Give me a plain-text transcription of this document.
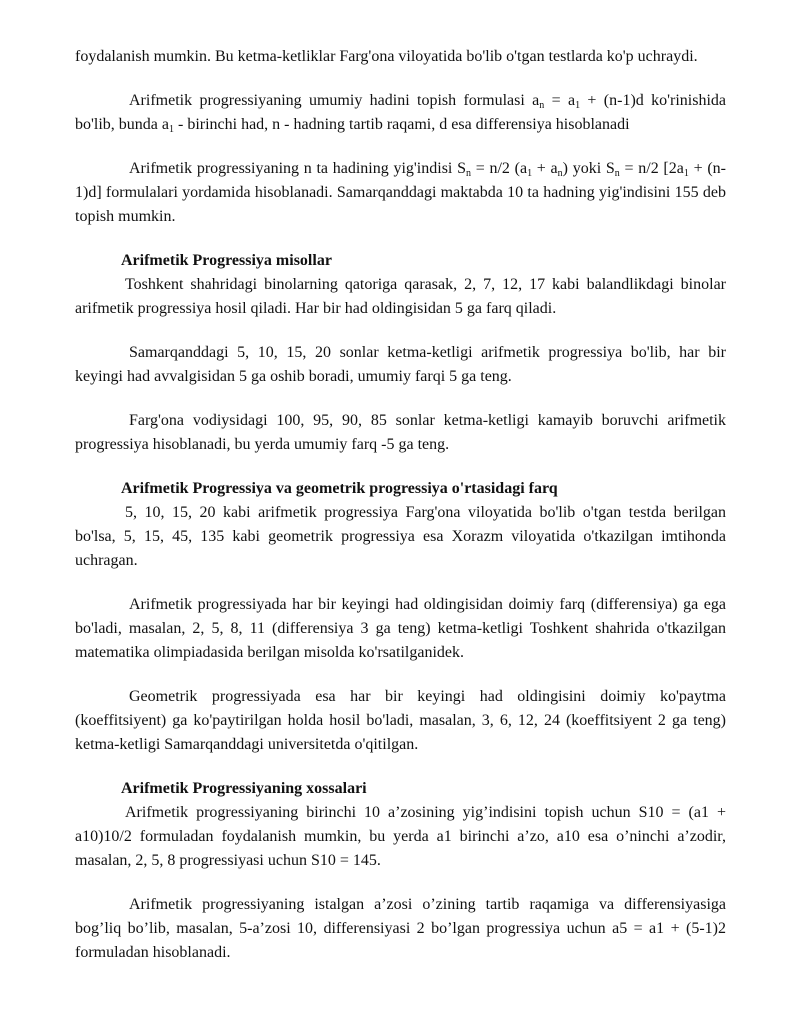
foydalanish mumkin. Bu ketma-ketliklar Farg'ona viloyatida bo'lib o'tgan testlarda ko'p uchraydi.

Arifmetik progressiyaning umumiy hadini topish formulasi $a_n = a_1 + (n-1)d$ ko'rinishida bo'lib, bunda $a_1$ - birinchi had, n - hadning tartib raqami, d esa differensiya hisoblanadi

Arifmetik progressiyaning n ta hadining yig'indisi $S_n = n/2$ $(a_1 + a_n)$ yoki $S_n = n/2$ $[2a_1 + (n-1)d]$ formulalari yordamida hisoblanadi. Samarqanddagi maktabda 10 ta hadning yig'indisini 155 deb topish mumkin.

Arifmetik Progressiya misollar

Toshkent shahridagi binolarning qatoriga qarasak, 2, 7, 12, 17 kabi balandlikdagi binolar arifmetik progressiya hosil qiladi. Har bir had oldingisidan 5 ga farq qiladi.

Samarqanddagi 5, 10, 15, 20 sonlar ketma-ketligi arifmetik progressiya bo'lib, har bir keyingi had avvalgisidan 5 ga oshib boradi, umumiy farqi 5 ga teng.

Farg'ona vodiysidagi 100, 95, 90, 85 sonlar ketma-ketligi kamayib boruvchi arifmetik progressiya hisoblanadi, bu yerda umumiy farq -5 ga teng.

Arifmetik Progressiya va geometrik progressiya o'rtasidagi farq

5, 10, 15, 20 kabi arifmetik progressiya Farg'ona viloyatida bo'lib o'tgan testda berilgan bo'lsa, 5, 15, 45, 135 kabi geometrik progressiya esa Xorazm viloyatida o'tkazilgan imtihonda uchragan.

Arifmetik progressiyada har bir keyingi had oldingisidan doimiy farq (differensiya) ga ega bo'ladi, masalan, 2, 5, 8, 11 (differensiya 3 ga teng) ketma-ketligi Toshkent shahrida o'tkazilgan matematika olimpiadasida berilgan misolda ko'rsatilganidek.

Geometrik progressiyada esa har bir keyingi had oldingisini doimiy ko'paytma (koeffitsiyent) ga ko'paytirilgan holda hosil bo'ladi, masalan, 3, 6, 12, 24 (koeffitsiyent 2 ga teng) ketma-ketligi Samarqanddagi universitetda o'qitilgan.

Arifmetik Progressiyaning xossalari

Arifmetik progressiyaning birinchi 10 a’zosining yig’indisini topish uchun S10 = (a1 + a10)10/2 formuladan foydalanish mumkin, bu yerda a1 birinchi a’zo, a10 esa o’ninchi a’zodir, masalan, 2, 5, 8 progressiyasi uchun S10 = 145.

Arifmetik progressiyaning istalgan a’zosi o’zining tartib raqamiga va differensiyasiga bog’liq bo’lib, masalan, 5-a’zosi 10, differensiyasi 2 bo’lgan progressiya uchun a5 = a1 + (5-1)2 formuladan hisoblanadi.
